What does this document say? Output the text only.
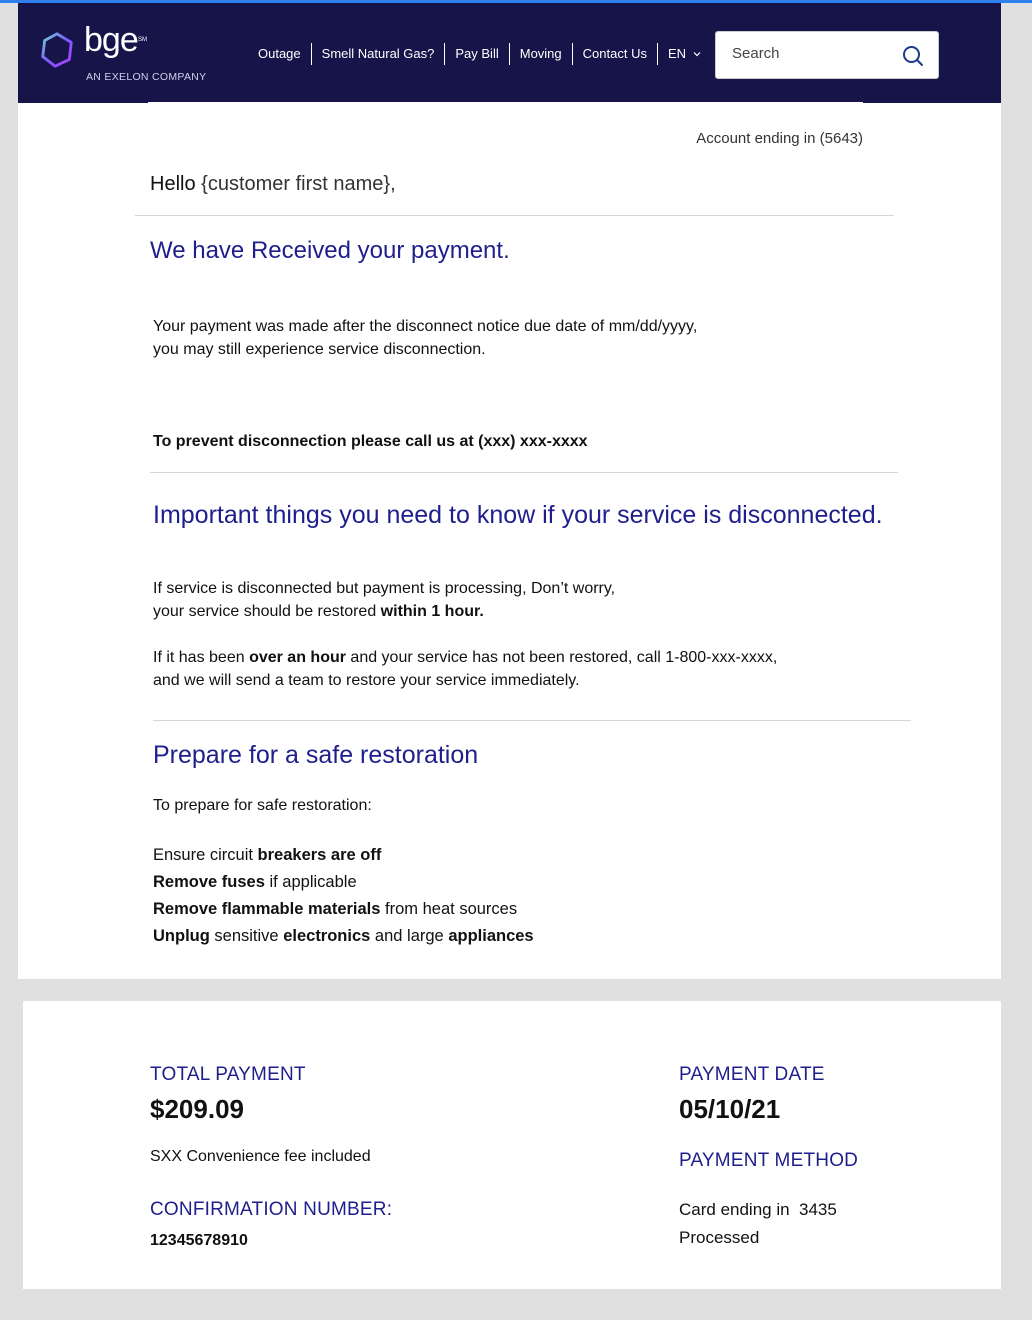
bge SM
AN EXELON COMPANY
Outage	Smell Natural Gas?	Pay Bill	Moving	Contact Us	EN
Search
Account ending in (5643)
Hello {customer first name},
We have Received your payment.

Your payment was made after the disconnect notice due date of mm/dd/yyyy,

you may still experience service disconnection.

To prevent disconnection please call us at (xxx) xxx-xxxx

Important things you need to know if your service is disconnected.

If service is disconnected but payment is processing, Don’t worry,

your service should be restored within 1 hour.

If it has been over an hour and your service has not been restored, call 1-800-xxx-xxxx,

and we will send a team to restore your service immediately.

Prepare for a safe restoration

To prepare for safe restoration:

Ensure circuit breakers are off

Remove fuses if applicable

Remove flammable materials from heat sources

Unplug sensitive electronics and large appliances

TOTAL PAYMENT
$209.09
SXX Convenience fee included
CONFIRMATION NUMBER:
12345678910
PAYMENT DATE
05/10/21
PAYMENT METHOD
Card ending in  3435
Processed
